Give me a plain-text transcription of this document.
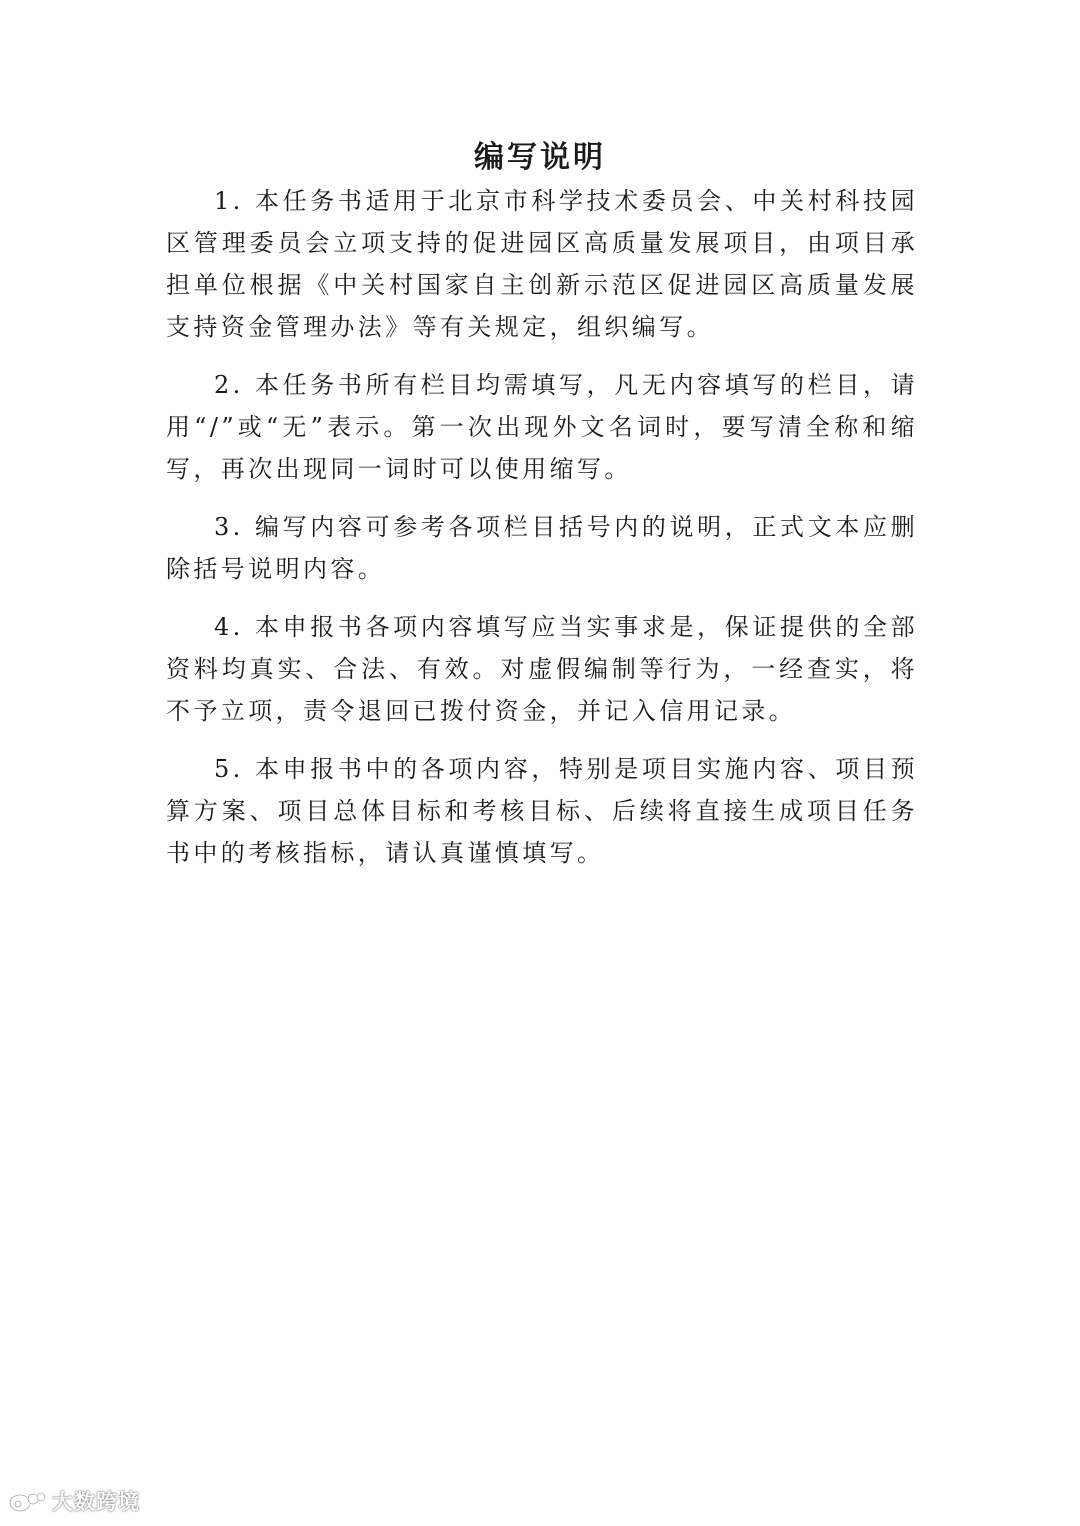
编写说明

1. 本任务书适用于北京市科学技术委员会、中关村科技园区管理委员会立项支持的促进园区高质量发展项目，由项目承担单位根据《中关村国家自主创新示范区促进园区高质量发展支持资金管理办法》等有关规定，组织编写。

2. 本任务书所有栏目均需填写，凡无内容填写的栏目，请用“/”或“无”表示。第一次出现外文名词时，要写清全称和缩写，再次出现同一词时可以使用缩写。

3. 编写内容可参考各项栏目括号内的说明，正式文本应删除括号说明内容。

4. 本申报书各项内容填写应当实事求是，保证提供的全部资料均真实、合法、有效。对虚假编制等行为，一经查实，将不予立项，责令退回已拨付资金，并记入信用记录。

5. 本申报书中的各项内容，特别是项目实施内容、项目预算方案、项目总体目标和考核目标、后续将直接生成项目任务书中的考核指标，请认真谨慎填写。

大数跨境
